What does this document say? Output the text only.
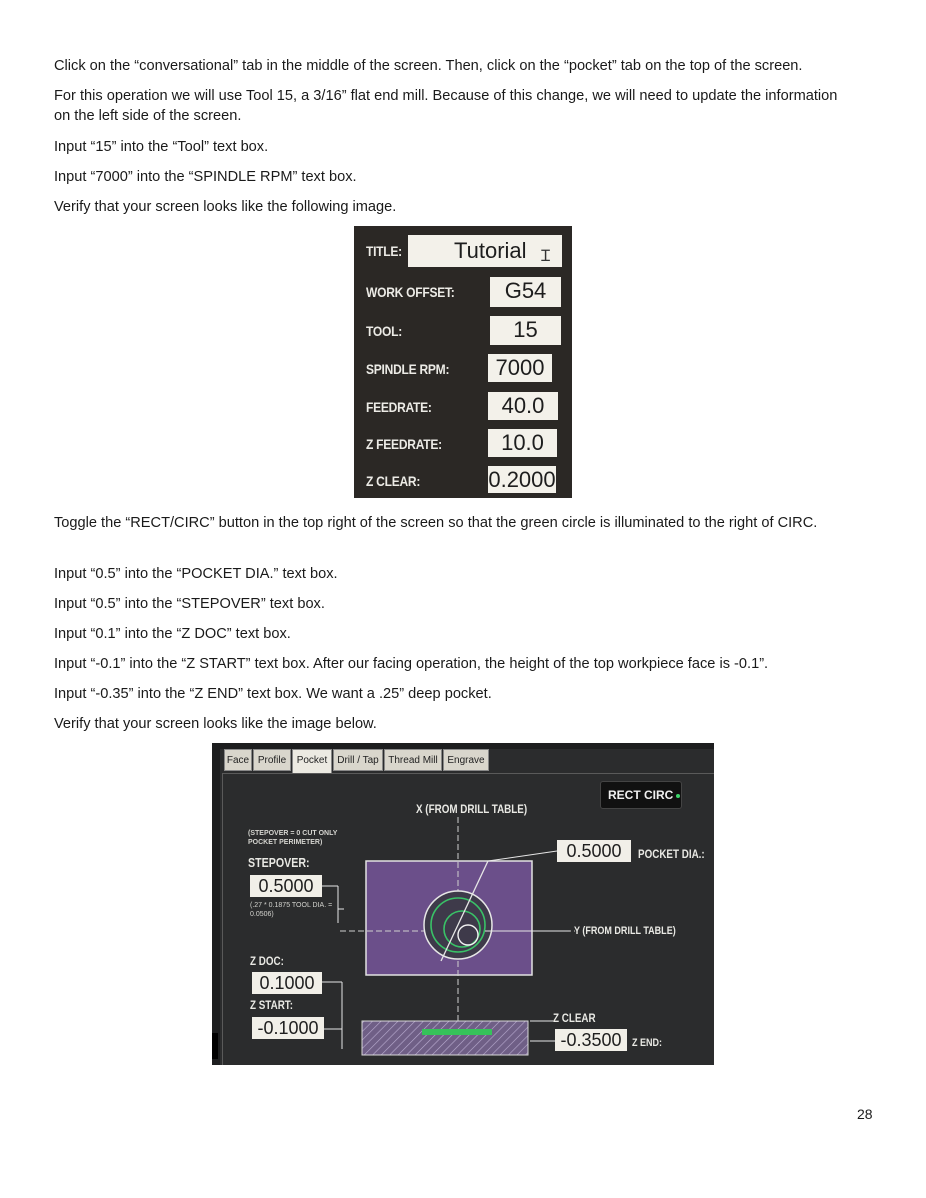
Click on the “conversational” tab in the middle of the screen. Then, click on the “pocket” tab on the top of the screen.

For this operation we will use Tool 15, a 3/16” flat end mill. Because of this change, we will need to update the information on the left side of the screen.

Input “15” into the “Tool” text box.

Input “7000” into the “SPINDLE RPM” text box.

Verify that your screen looks like the following image.

TITLE:	Tutorial Ɪ
WORK OFFSET:	G54
TOOL:	15
SPINDLE RPM:	7000
FEEDRATE:	40.0
Z FEEDRATE:	10.0
Z CLEAR:	0.2000

Toggle the “RECT/CIRC” button in the top right of the screen so that the green circle is illuminated to the right of CIRC.

Input “0.5” into the “POCKET DIA.” text box.

Input “0.5” into the “STEPOVER” text box.

Input “0.1” into the “Z DOC” text box.

Input “-0.1” into the “Z START” text box. After our facing operation, the height of the top workpiece face is -0.1”.

Input “-0.35” into the “Z END” text box. We want a .25” deep pocket.

Verify that your screen looks like the image below.

Face Profile	Pocket Drill / Tap Thread Mill Engrave
RECT CIRC
X (FROM DRILL TABLE)
(STEPOVER = 0 CUT ONLY POCKET PERIMETER)
STEPOVER:
0.5000
(.27 * 0.1875 TOOL DIA. = 0.0506)
0.5000	POCKET DIA.:
Y (FROM DRILL TABLE)
Z DOC:
0.1000
Z START:
-0.1000	Z CLEAR
-0.3500 Z END:
28
